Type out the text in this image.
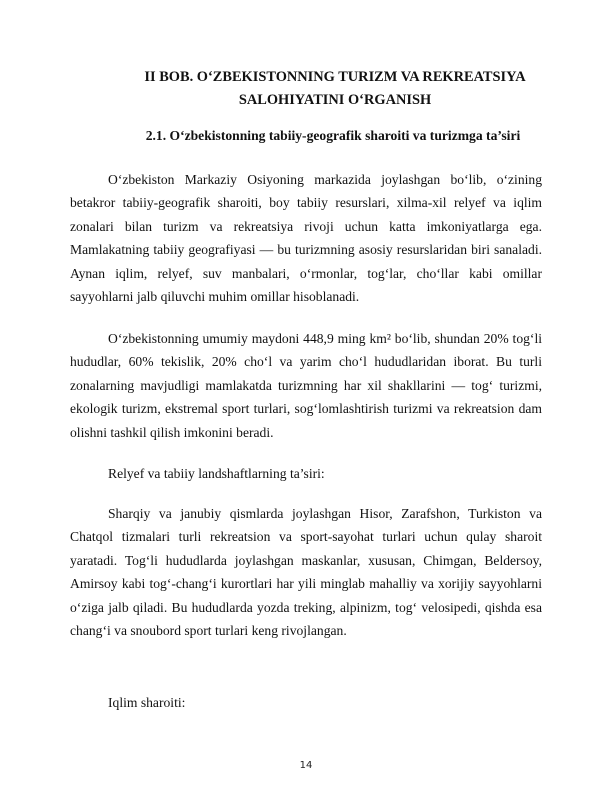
II BOB. O‘ZBEKISTONNING TURIZM VA REKREATSIYA
SALOHIYATINI O‘RGANISH
2.1. O‘zbekistonning tabiiy-geografik sharoiti va turizmga ta’siri

O‘zbekiston Markaziy Osiyoning markazida joylashgan bo‘lib, o‘zining betakror tabiiy-geografik sharoiti, boy tabiiy resurslari, xilma-xil relyef va iqlim zonalari bilan turizm va rekreatsiya rivoji uchun katta imkoniyatlarga ega. Mamlakatning tabiiy geografiyasi — bu turizmning asosiy resurslaridan biri sanaladi. Aynan iqlim, relyef, suv manbalari, o‘rmonlar, tog‘lar, cho‘llar kabi omillar sayyohlarni jalb qiluvchi muhim omillar hisoblanadi.

O‘zbekistonning umumiy maydoni 448,9 ming km² bo‘lib, shundan 20% tog‘li hududlar, 60% tekislik, 20% cho‘l va yarim cho‘l hududlaridan iborat. Bu turli zonalarning mavjudligi mamlakatda turizmning har xil shakllarini — tog‘ turizmi, ekologik turizm, ekstremal sport turlari, sog‘lomlashtirish turizmi va rekreatsion dam olishni tashkil qilish imkonini beradi.

Relyef va tabiiy landshaftlarning ta’siri:

Sharqiy va janubiy qismlarda joylashgan Hisor, Zarafshon, Turkiston va Chatqol tizmalari turli rekreatsion va sport-sayohat turlari uchun qulay sharoit yaratadi. Tog‘li hududlarda joylashgan maskanlar, xususan, Chimgan, Beldersoy, Amirsoy kabi tog‘-chang‘i kurortlari har yili minglab mahalliy va xorijiy sayyohlarni o‘ziga jalb qiladi. Bu hududlarda yozda treking, alpinizm, tog‘ velosipedi, qishda esa chang‘i va snoubord sport turlari keng rivojlangan.

Iqlim sharoiti:

14
